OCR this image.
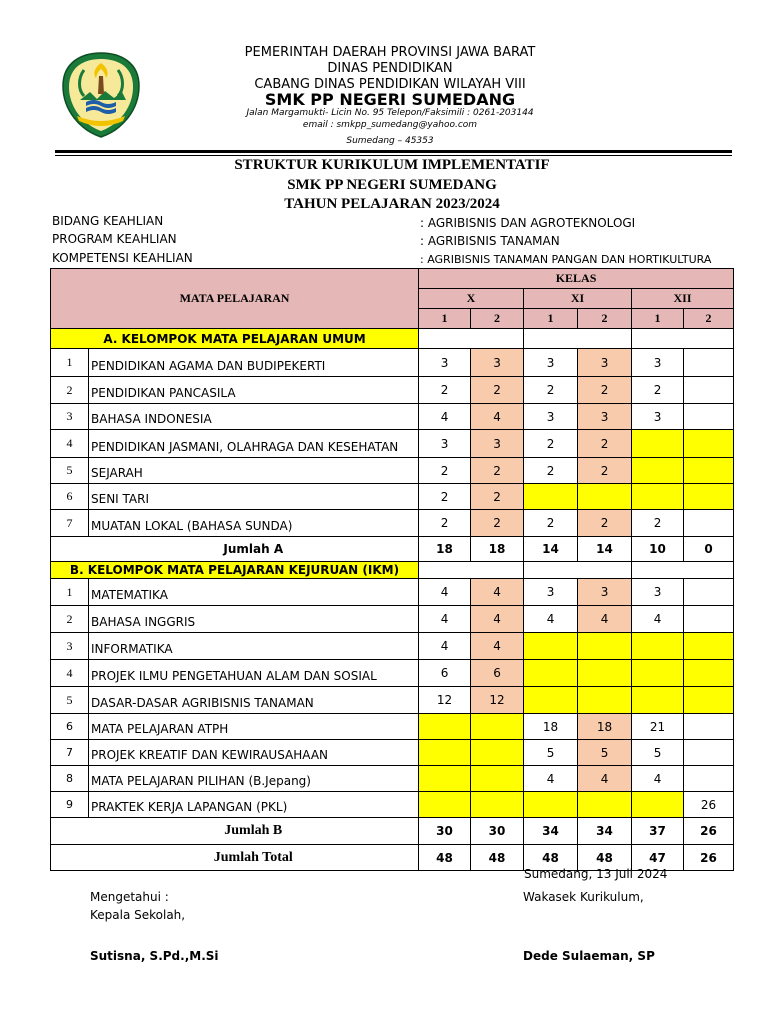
PEMERINTAH DAERAH PROVINSI JAWA BARAT
DINAS PENDIDIKAN
CABANG DINAS PENDIDIKAN WILAYAH VIII
SMK PP NEGERI SUMEDANG
Jalan Margamukti- Licin No. 95 Telepon/Faksimili : 0261-203144
email : smkpp_sumedang@yahoo.com
Sumedang – 45353
STRUKTUR KURIKULUM IMPLEMENTATIF
SMK PP NEGERI SUMEDANG
TAHUN PELAJARAN 2023/2024
BIDANG KEAHLIAN	: AGRIBISNIS DAN AGROTEKNOLOGI
PROGRAM KEAHLIAN	: AGRIBISNIS TANAMAN
KOMPETENSI KEAHLIAN	: AGRIBISNIS TANAMAN PANGAN DAN HORTIKULTURA
MATA PELAJARAN		KELAS					
		X		XI		XII	
		1	2	1	2	1	2
A. KELOMPOK MATA PELAJARAN UMUM							
1	PENDIDIKAN AGAMA DAN BUDIPEKERTI	3	3	3	3	3	
2	PENDIDIKAN PANCASILA	2	2	2	2	2	
3	BAHASA INDONESIA	4	4	3	3	3	
4	PENDIDIKAN JASMANI, OLAHRAGA DAN KESEHATAN	3	3	2	2		
5	SEJARAH	2	2	2	2		
6	SENI TARI	2	2				
7	MUATAN LOKAL (BAHASA SUNDA)	2	2	2	2	2	
	Jumlah A	18	18	14	14	10	0
B. KELOMPOK MATA PELAJARAN KEJURUAN (IKM)							
1	MATEMATIKA	4	4	3	3	3	
2	BAHASA INGGRIS	4	4	4	4	4	
3	INFORMATIKA	4	4				
4	PROJEK ILMU PENGETAHUAN ALAM DAN SOSIAL	6	6				
5	DASAR-DASAR AGRIBISNIS TANAMAN	12	12				
6	MATA PELAJARAN ATPH			18	18	21	
7	PROJEK KREATIF DAN KEWIRAUSAHAAN			5	5	5	
8	MATA PELAJARAN PILIHAN (B.Jepang)			4	4	4	
9	PRAKTEK KERJA LAPANGAN (PKL)						26
	Jumlah B	30	30	34	34	37	26
	Jumlah Total	48	48	48	48	47	26
Sumedang, 13 Juli 2024
Mengetahui :
Kepala Sekolah,
Wakasek Kurikulum,
Sutisna, S.Pd.,M.Si	Dede Sulaeman, SP
